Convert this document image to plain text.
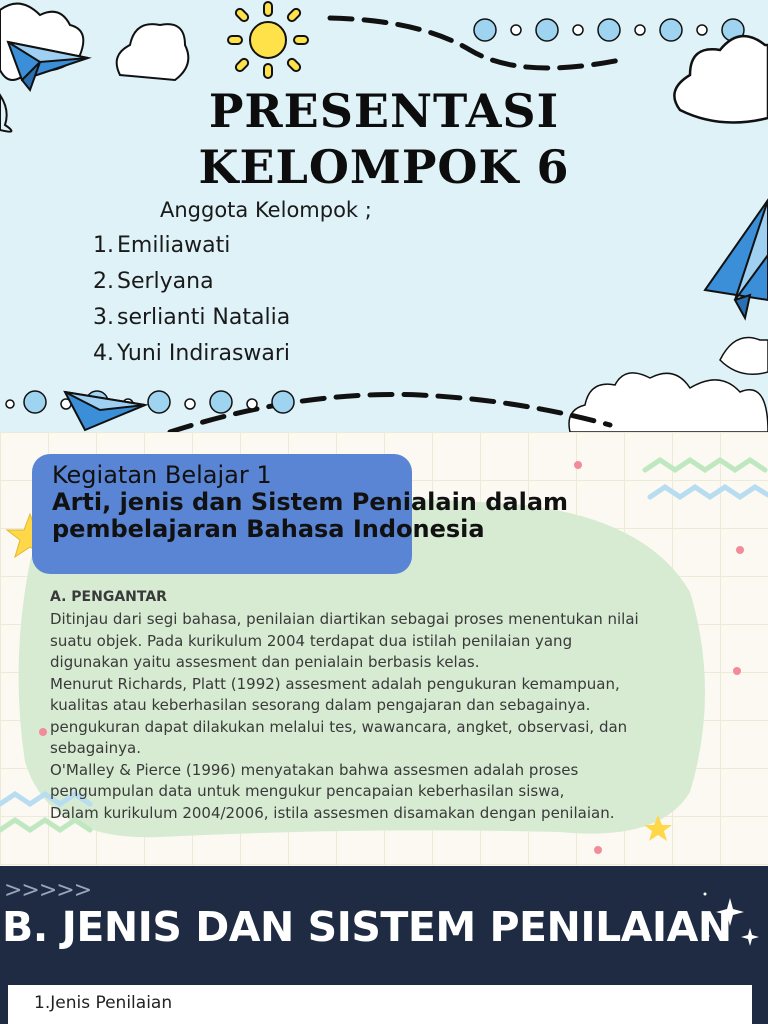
PRESENTASI
KELOMPOK 6
Anggota Kelompok ;
1. Emiliawati
2. Serlyana
3. serlianti Natalia
4. Yuni Indiraswari
Kegiatan Belajar 1
Arti, jenis dan Sistem Penialain dalam
pembelajaran Bahasa Indonesia
A. PENGANTAR
Ditinjau dari segi bahasa, penilaian diartikan sebagai proses menentukan nilai
suatu objek. Pada kurikulum 2004 terdapat dua istilah penilaian yang
digunakan yaitu assesment dan penialain berbasis kelas.
Menurut Richards, Platt (1992) assesment adalah pengukuran kemampuan,
kualitas atau keberhasilan sesorang dalam pengajaran dan sebagainya.
pengukuran dapat dilakukan melalui tes, wawancara, angket, observasi, dan
sebagainya.
O'Malley & Pierce (1996) menyatakan bahwa assesmen adalah proses
pengumpulan data untuk mengukur pencapaian keberhasilan siswa,
Dalam kurikulum 2004/2006, istila assesmen disamakan dengan penilaian.
>>>>>
B. JENIS DAN SISTEM PENILAIAN
1.Jenis Penilaian
